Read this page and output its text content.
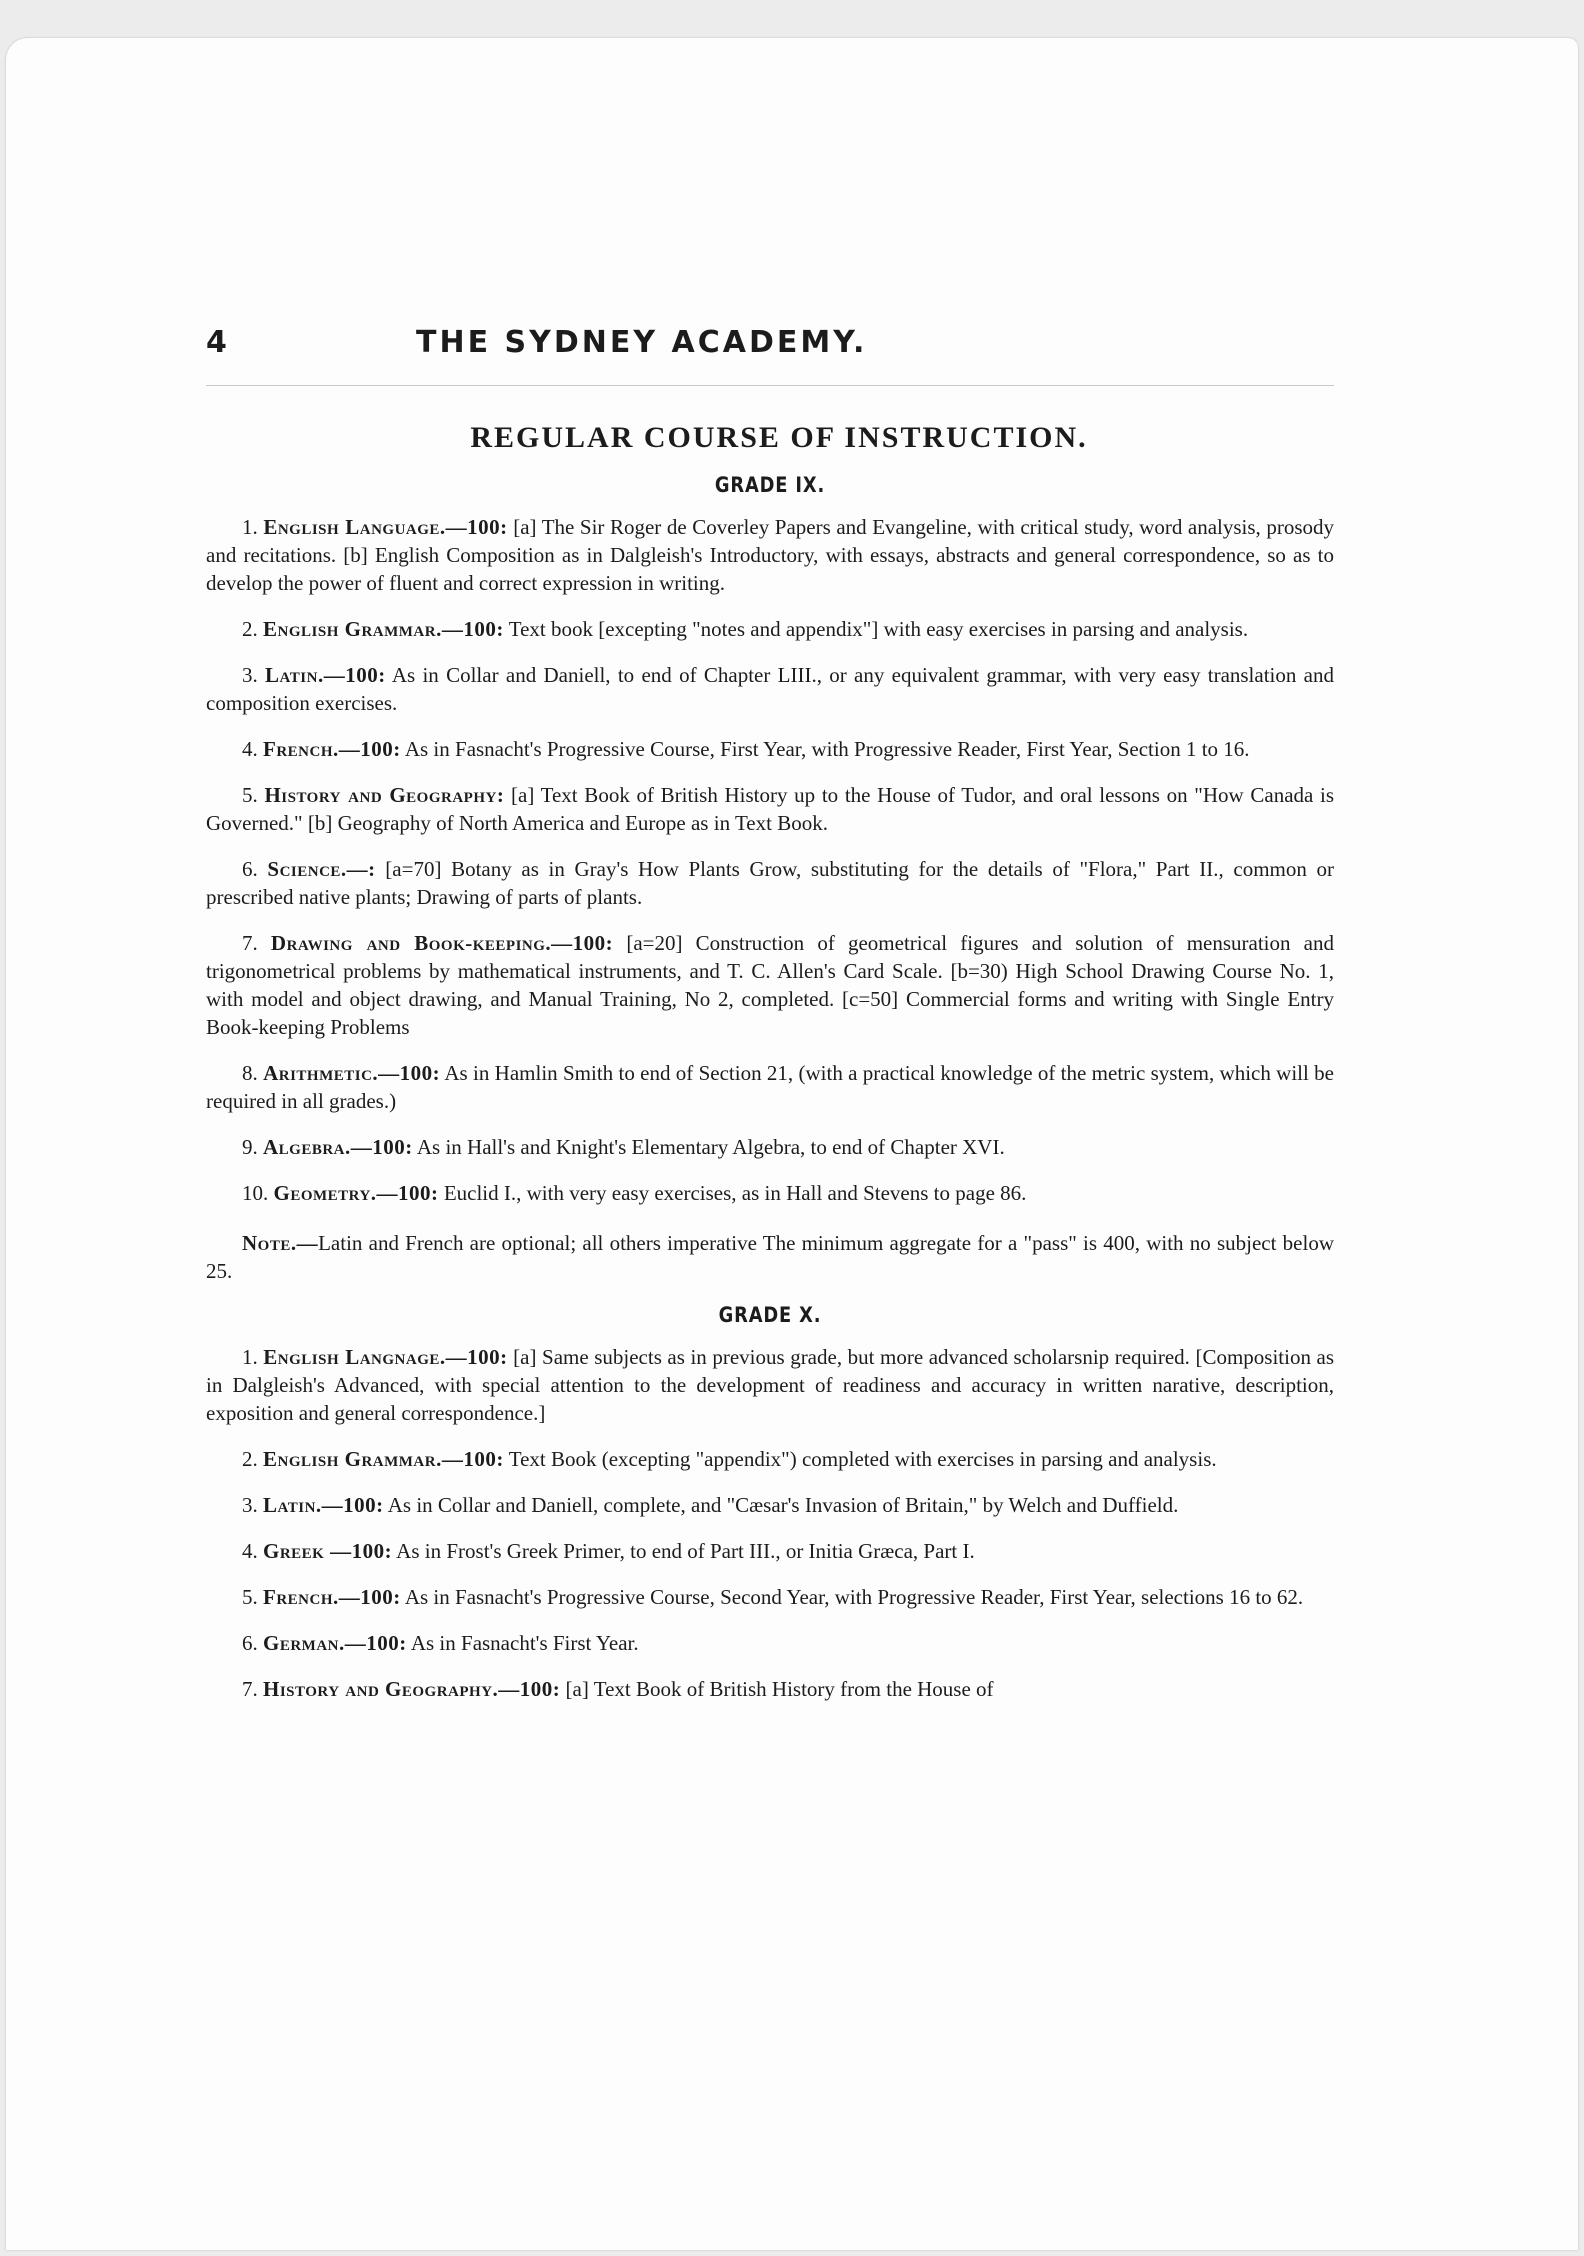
4	THE SYDNEY ACADEMY.
REGULAR COURSE OF INSTRUCTION.
GRADE IX.

1. English Language.—100: [a] The Sir Roger de Coverley Papers and Evangeline, with critical study, word analysis, prosody and recitations. [b] English Composition as in Dalgleish's Introductory, with essays, abstracts and general correspondence, so as to develop the power of fluent and correct expression in writing.

2. English Grammar.—100: Text book [excepting "notes and appendix"] with easy exercises in parsing and analysis.

3. Latin.—100: As in Collar and Daniell, to end of Chapter LIII., or any equivalent grammar, with very easy translation and composition exercises.

4. French.—100: As in Fasnacht's Progressive Course, First Year, with Progressive Reader, First Year, Section 1 to 16.

5. History and Geography: [a] Text Book of British History up to the House of Tudor, and oral lessons on "How Canada is Governed." [b] Geography of North America and Europe as in Text Book.

6. Science.—: [a=70] Botany as in Gray's How Plants Grow, substituting for the details of "Flora," Part II., common or prescribed native plants; Drawing of parts of plants.

7. Drawing and Book-keeping.—100: [a=20] Construction of geometrical figures and solution of mensuration and trigonometrical problems by mathematical instruments, and T. C. Allen's Card Scale. [b=30) High School Drawing Course No. 1, with model and object drawing, and Manual Training, No 2, completed. [c=50] Commercial forms and writing with Single Entry Book-keeping Problems

8. Arithmetic.—100: As in Hamlin Smith to end of Section 21, (with a practical knowledge of the metric system, which will be required in all grades.)

9. Algebra.—100: As in Hall's and Knight's Elementary Algebra, to end of Chapter XVI.

10. Geometry.—100: Euclid I., with very easy exercises, as in Hall and Stevens to page 86.

Note.—Latin and French are optional; all others imperative The minimum aggregate for a "pass" is 400, with no subject below 25.

GRADE X.

1. English Langnage.—100: [a] Same subjects as in previous grade, but more advanced scholarsnip required. [Composition as in Dalgleish's Advanced, with special attention to the development of readiness and accuracy in written narative, description, exposition and general correspondence.]

2. English Grammar.—100: Text Book (excepting "appendix") completed with exercises in parsing and analysis.

3. Latin.—100: As in Collar and Daniell, complete, and "Cæsar's Invasion of Britain," by Welch and Duffield.

4. Greek —100: As in Frost's Greek Primer, to end of Part III., or Initia Græca, Part I.

5. French.—100: As in Fasnacht's Progressive Course, Second Year, with Progressive Reader, First Year, selections 16 to 62.

6. German.—100: As in Fasnacht's First Year.

7. History and Geography.—100: [a] Text Book of British History from the House of
